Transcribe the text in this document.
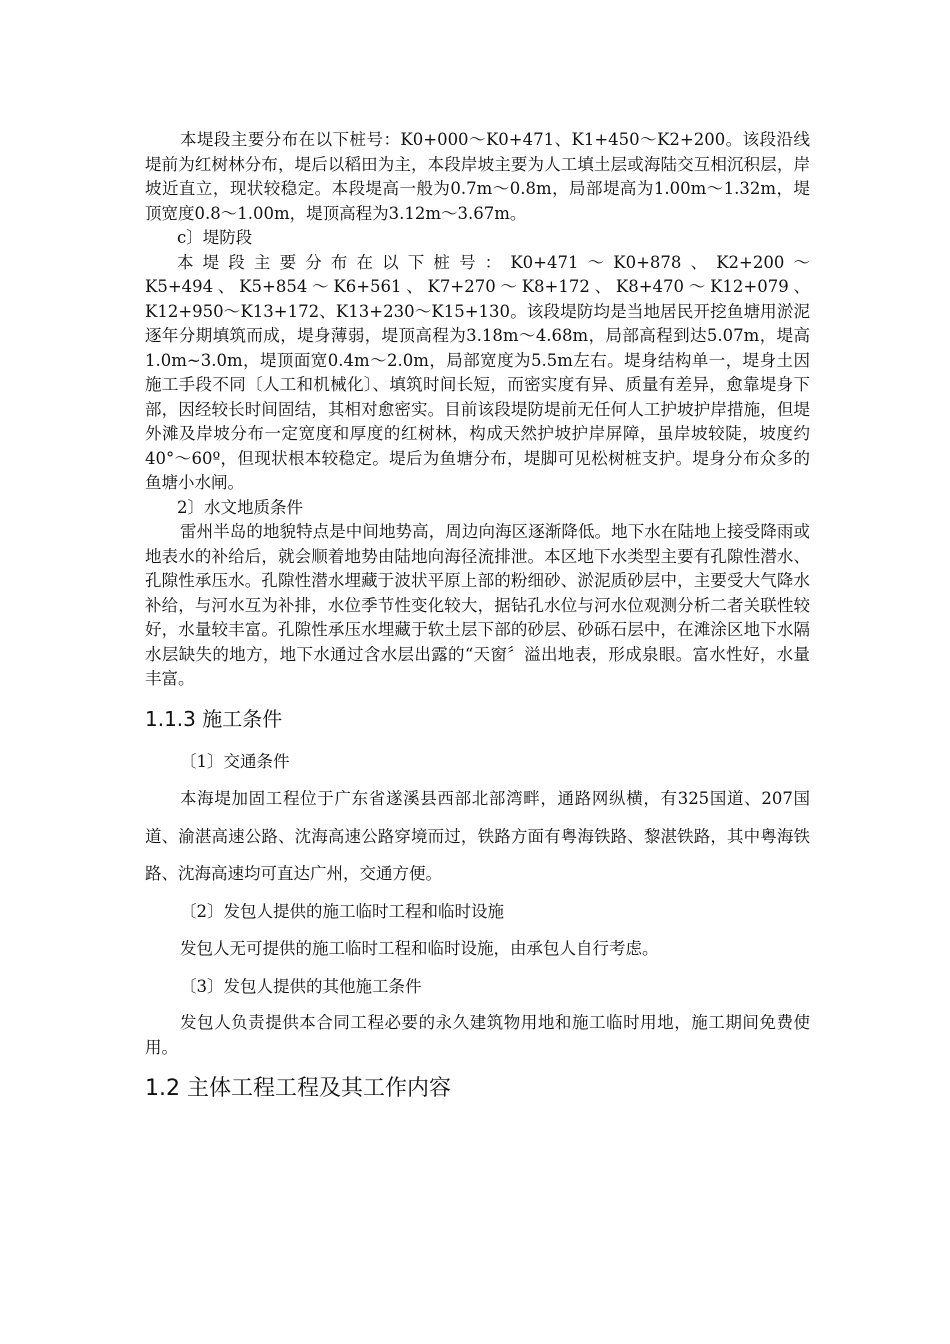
本堤段主要分布在以下桩号：K0+000～K0+471、K1+450～K2+200。该段沿线堤前为红树林分布，堤后以稻田为主，本段岸坡主要为人工填土层或海陆交互相沉积层，岸坡近直立，现状较稳定。本段堤高一般为0.7m～0.8m，局部堤高为1.00m～1.32m，堤顶宽度0.8～1.00m，堤顶高程为3.12m～3.67m。

c〕堤防段

本堤段主要分布在以下桩号：K0+471～K0+878、K2+200～

K5+494、K5+854～K6+561、K7+270～K8+172、K8+470～K12+079、K12+950～K13+172、K13+230～K15+130。该段堤防均是当地居民开挖鱼塘用淤泥逐年分期填筑而成，堤身薄弱，堤顶高程为3.18m～4.68m，局部高程到达5.07m，堤高1.0m~3.0m，堤顶面宽0.4m～2.0m，局部宽度为5.5m左右。堤身结构单一，堤身土因施工手段不同〔人工和机械化〕、填筑时间长短，而密实度有异、质量有差异，愈靠堤身下部，因经较长时间固结，其相对愈密实。目前该段堤防堤前无任何人工护坡护岸措施，但堤外滩及岸坡分布一定宽度和厚度的红树林，构成天然护坡护岸屏障，虽岸坡较陡，坡度约40°～60º，但现状根本较稳定。堤后为鱼塘分布，堤脚可见松树桩支护。堤身分布众多的鱼塘小水闸。

2〕水文地质条件

雷州半岛的地貌特点是中间地势高，周边向海区逐渐降低。地下水在陆地上接受降雨或地表水的补给后，就会顺着地势由陆地向海径流排泄。本区地下水类型主要有孔隙性潜水、孔隙性承压水。孔隙性潜水埋藏于波状平原上部的粉细砂、淤泥质砂层中，主要受大气降水补给，与河水互为补排，水位季节性变化较大，据钻孔水位与河水位观测分析二者关联性较好，水量较丰富。孔隙性承压水埋藏于软土层下部的砂层、砂砾石层中，在滩涂区地下水隔水层缺失的地方，地下水通过含水层出露的“天窗〞溢出地表，形成泉眼。富水性好，水量丰富。

1.1.3 施工条件

〔1〕交通条件

本海堤加固工程位于广东省遂溪县西部北部湾畔，通路网纵横，有325国道、207国道、渝湛高速公路、沈海高速公路穿境而过，铁路方面有粤海铁路、黎湛铁路，其中粤海铁路、沈海高速均可直达广州，交通方便。

〔2〕发包人提供的施工临时工程和临时设施

发包人无可提供的施工临时工程和临时设施，由承包人自行考虑。

〔3〕发包人提供的其他施工条件

发包人负责提供本合同工程必要的永久建筑物用地和施工临时用地，施工期间免费使用。

1.2 主体工程工程及其工作内容
